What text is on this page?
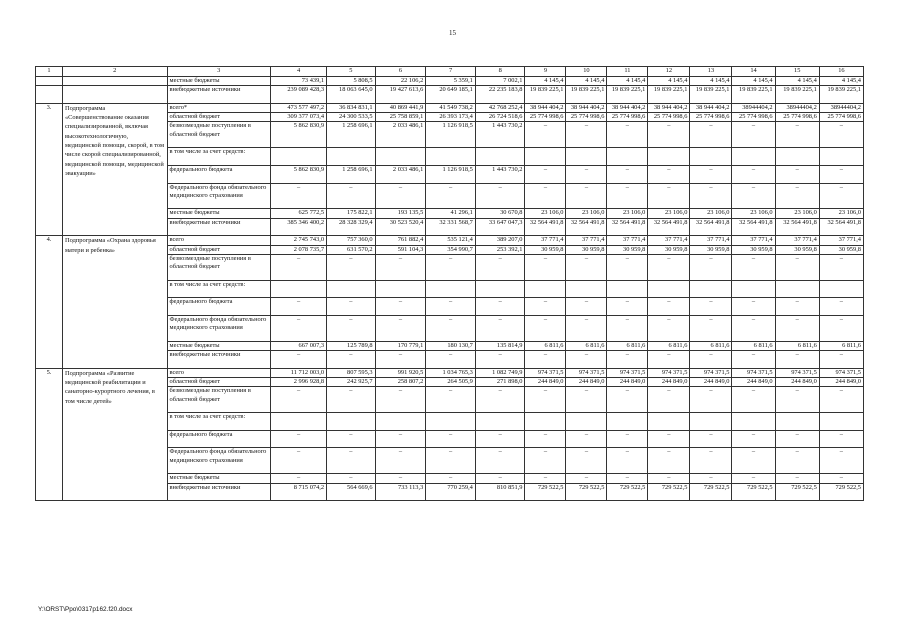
15
1	2	3	4	5	6	7	8	9	10	11	12	13	14	15	16
		местные бюджеты	73 439,1	5 808,5	22 106,2	5 359,1	7 002,1	4 145,4	4 145,4	4 145,4	4 145,4	4 145,4	4 145,4	4 145,4	4 145,4
		внебюджетные источники	239 089 428,3	18 063 645,0	19 427 613,6	20 649 185,1	22 235 183,8	19 839 225,1	19 839 225,1	19 839 225,1	19 839 225,1	19 839 225,1	19 839 225,1	19 839 225,1	19 839 225,1
3.	Подпрограмма «Совершенствование оказания специализированной, включая высокотехнологичную, медицинской помощи, скорой, в том числе скорой специализированной, медицинской помощи, медицинской эвакуации»	всего*	473 577 497,2	36 834 831,1	40 869 441,9	41 549 738,2	42 768 252,4	38 944 404,2	38 944 404,2	38 944 404,2	38 944 404,2	38 944 404,2	38944404,2	38944404,2	38944404,2
		областной бюджет	309 377 073,4	24 300 533,5	25 758 859,1	26 393 173,4	26 724 518,6	25 774 998,6	25 774 998,6	25 774 998,6	25 774 998,6	25 774 998,6	25 774 998,6	25 774 998,6	25 774 998,6
		безвозмездные поступления в областной бюджет	5 862 830,9	1 258 696,1	2 033 486,1	1 126 918,5	1 443 730,2	–	–	–	–	–	–	–	–
		в том числе за счет средств:													
		федерального бюджета	5 862 830,9	1 258 696,1	2 033 486,1	1 126 918,5	1 443 730,2	–	–	–	–	–	–	–	–
		Федерального фонда обязательного медицинского страхования	–	–	–	–	–	–	–	–	–	–	–	–	–
		местные бюджеты	625 772,5	175 822,1	193 135,5	41 296,1	30 670,8	23 106,0	23 106,0	23 106,0	23 106,0	23 106,0	23 106,0	23 106,0	23 106,0
		внебюджетные источники	385 346 400,2	28 328 329,4	30 523 520,4	32 331 568,7	33 647 047,3	32 564 491,8	32 564 491,8	32 564 491,8	32 564 491,8	32 564 491,8	32 564 491,8	32 564 491,8	32 564 491,8
4.	Подпрограмма «Охрана здоровья матери и ребенка»	всего	2 745 743,0	757 360,0	761 882,4	535 121,4	389 207,0	37 771,4	37 771,4	37 771,4	37 771,4	37 771,4	37 771,4	37 771,4	37 771,4
		областной бюджет	2 078 735,7	631 570,2	591 104,3	354 990,7	253 392,1	30 959,8	30 959,8	30 959,8	30 959,8	30 959,8	30 959,8	30 959,8	30 959,8
		безвозмездные поступления в областной бюджет	–	–	–	–	–	–	–	–	–	–	–	–	–
		в том числе за счет средств:													
		федерального бюджета	–	–	–	–	–	–	–	–	–	–	–	–	–
		Федерального фонда обязательного медицинского страхования	–	–	–	–	–	–	–	–	–	–	–	–	–
		местные бюджеты	667 007,3	125 789,8	170 779,1	180 130,7	135 814,9	6 811,6	6 811,6	6 811,6	6 811,6	6 811,6	6 811,6	6 811,6	6 811,6
		внебюджетные источники	–	–	–	–	–	–	–	–	–	–	–	–	–
5.	Подпрограмма «Развитие медицинской реабилитации и санаторно-курортного лечения, в том числе детей»	всего	11 712 003,0	807 595,3	991 920,5	1 034 765,3	1 082 749,9	974 371,5	974 371,5	974 371,5	974 371,5	974 371,5	974 371,5	974 371,5	974 371,5
		областной бюджет	2 996 928,8	242 925,7	258 807,2	264 505,9	271 898,0	244 849,0	244 849,0	244 849,0	244 849,0	244 849,0	244 849,0	244 849,0	244 849,0
		безвозмездные поступления в областной бюджет	–	–	–	–	–	–	–	–	–	–	–	–	–
		в том числе за счет средств:													
		федерального бюджета	–	–	–	–	–	–	–	–	–	–	–	–	–
		Федерального фонда обязательного медицинского страхования	–	–	–	–	–	–	–	–	–	–	–	–	–
		местные бюджеты	–	–	–	–	–	–	–	–	–	–	–	–	–
		внебюджетные источники	8 715 074,2	564 669,6	733 113,3	770 259,4	810 851,9	729 522,5	729 522,5	729 522,5	729 522,5	729 522,5	729 522,5	729 522,5	729 522,5
Y:\ORST\Ppo\0317p162.f20.docx
